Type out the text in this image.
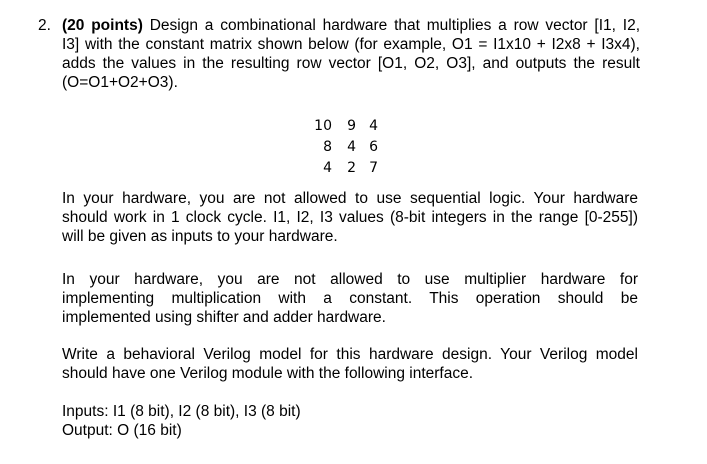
2. (20 points) Design a combinational hardware that multiplies a row vector [I1, I2,
I3] with the constant matrix shown below (for example, O1 = I1x10 + I2x8 + I3x4),
adds the values in the resulting row vector [O1, O2, O3], and outputs the result
(O=O1+O2+O3).
10	9 4
8	4 6
4	2 7
In your hardware, you are not allowed to use sequential logic. Your hardware
should work in 1 clock cycle. I1, I2, I3 values (8-bit integers in the range [0-255])
will be given as inputs to your hardware.
In your hardware, you are not allowed to use multiplier hardware for
implementing multiplication with a constant. This operation should be
implemented using shifter and adder hardware.
Write a behavioral Verilog model for this hardware design. Your Verilog model
should have one Verilog module with the following interface.
Inputs: I1 (8 bit), I2 (8 bit), I3 (8 bit)
Output: O (16 bit)
